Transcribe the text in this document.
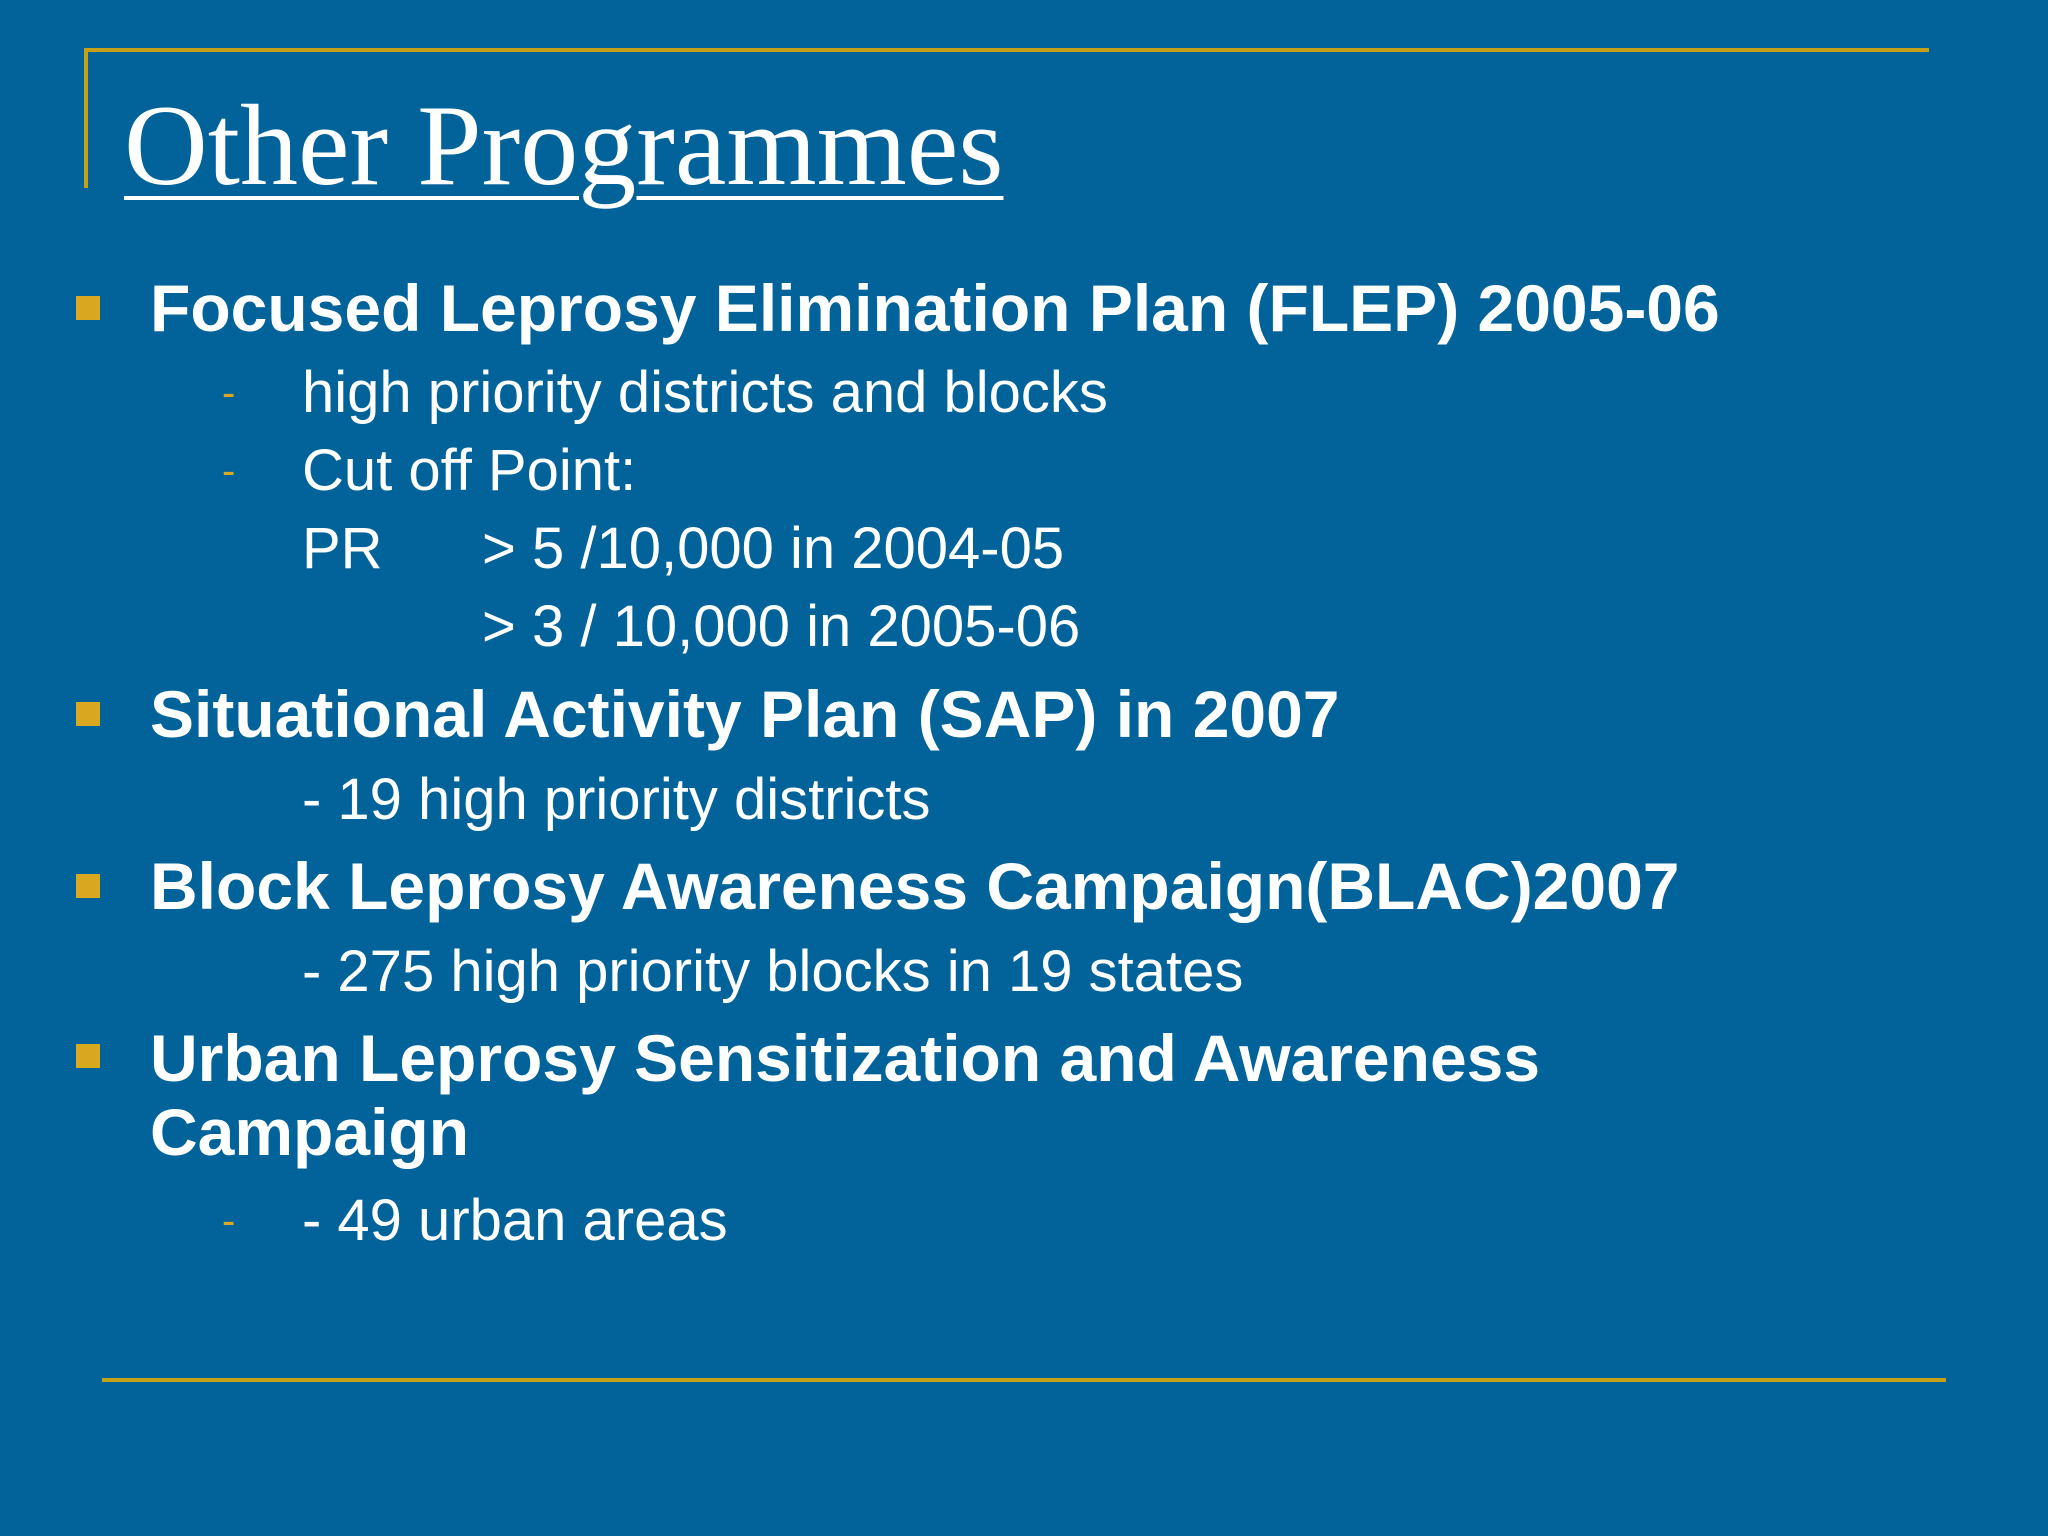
Other Programmes
Focused Leprosy Elimination Plan (FLEP) 2005-06
- high priority districts and blocks
- Cut off Point:
PR > 5 /10,000 in 2004-05
> 3 / 10,000 in 2005-06
Situational Activity Plan (SAP) in 2007
- 19 high priority districts
Block Leprosy Awareness Campaign(BLAC)2007
- 275 high priority blocks in 19 states
Urban Leprosy Sensitization and Awareness
Campaign
- - 49 urban areas
